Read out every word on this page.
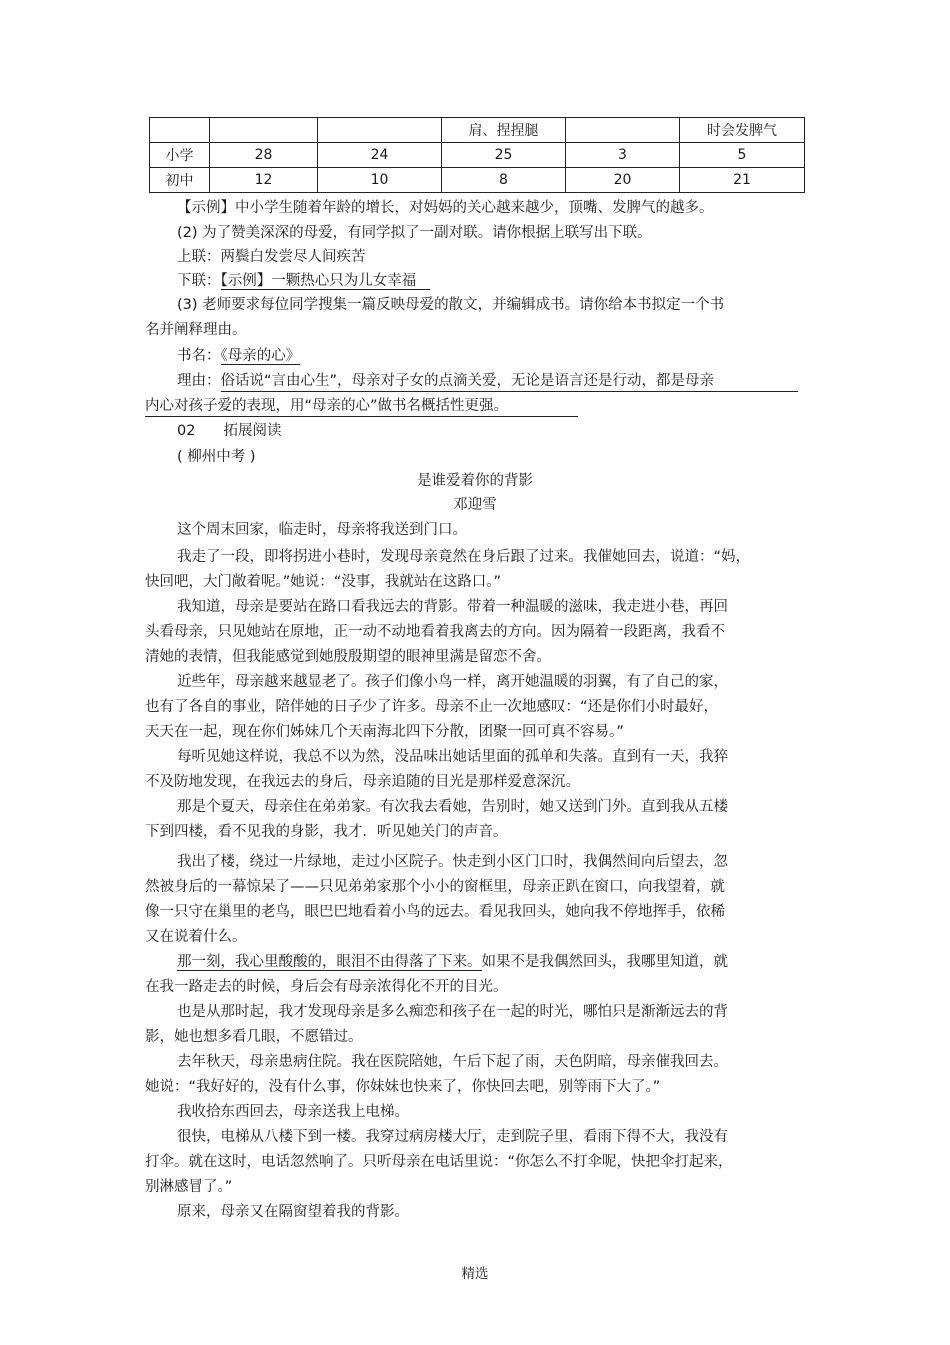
			肩、捏捏腿		时会发脾气
小学	28	24	25	3	5
初中	12	10	8	20	21
【示例】中小学生随着年龄的增长，对妈妈的关心越来越少，顶嘴、发脾气的越多。
(2) 为了赞美深深的母爱，有同学拟了一副对联。请你根据上联写出下联。
上联：两鬓白发尝尽人间疾苦
下联：【示例】一颗热心只为儿女幸福
(3) 老师要求每位同学搜集一篇反映母爱的散文，并编辑成书。请你给本书拟定一个书
名并阐释理由。
书名：《母亲的心》
理由：俗话说“言由心生”，母亲对子女的点滴关爱，无论是语言还是行动，都是母亲
内心对孩子爱的表现，用“母亲的心”做书名概括性更强。
02 拓展阅读
( 柳州中考 )
是谁爱着你的背影
邓迎雪
这个周末回家，临走时，母亲将我送到门口。
我走了一段，即将拐进小巷时，发现母亲竟然在身后跟了过来。我催她回去，说道：“妈，
快回吧，大门敞着呢。”她说：“没事，我就站在这路口。”
我知道，母亲是要站在路口看我远去的背影。带着一种温暖的滋味，我走进小巷，再回
头看母亲，只见她站在原地，正一动不动地看着我离去的方向。因为隔着一段距离，我看不
清她的表情，但我能感觉到她殷殷期望的眼神里满是留恋不舍。
近些年，母亲越来越显老了。孩子们像小鸟一样，离开她温暖的羽翼，有了自己的家，
也有了各自的事业，陪伴她的日子少了许多。母亲不止一次地感叹：“还是你们小时最好，
天天在一起，现在你们姊妹几个天南海北四下分散，团聚一回可真不容易。”
每听见她这样说，我总不以为然，没品味出她话里面的孤单和失落。直到有一天，我猝
不及防地发现，在我远去的身后，母亲追随的目光是那样爱意深沉。
那是个夏天，母亲住在弟弟家。有次我去看她，告别时，她又送到门外。直到我从五楼
下到四楼，看不见我的身影，我才．听见她关门的声音。
我出了楼，绕过一片绿地，走过小区院子。快走到小区门口时，我偶然间向后望去，忽
然被身后的一幕惊呆了——只见弟弟家那个小小的窗框里，母亲正趴在窗口，向我望着，就
像一只守在巢里的老鸟，眼巴巴地看着小鸟的远去。看见我回头，她向我不停地挥手，依稀
又在说着什么。
那一刻，我心里酸酸的，眼泪不由得落了下来。如果不是我偶然回头，我哪里知道，就
在我一路走去的时候，身后会有母亲浓得化不开的目光。
也是从那时起，我才发现母亲是多么痴恋和孩子在一起的时光，哪怕只是渐渐远去的背
影，她也想多看几眼，不愿错过。
去年秋天，母亲患病住院。我在医院陪她，午后下起了雨，天色阴暗，母亲催我回去。
她说：“我好好的，没有什么事，你妹妹也快来了，你快回去吧，别等雨下大了。”
我收拾东西回去，母亲送我上电梯。
很快，电梯从八楼下到一楼。我穿过病房楼大厅，走到院子里，看雨下得不大，我没有
打伞。就在这时，电话忽然响了。只听母亲在电话里说：“你怎么不打伞呢，快把伞打起来，
别淋感冒了。”
原来，母亲又在隔窗望着我的背影。
精选
